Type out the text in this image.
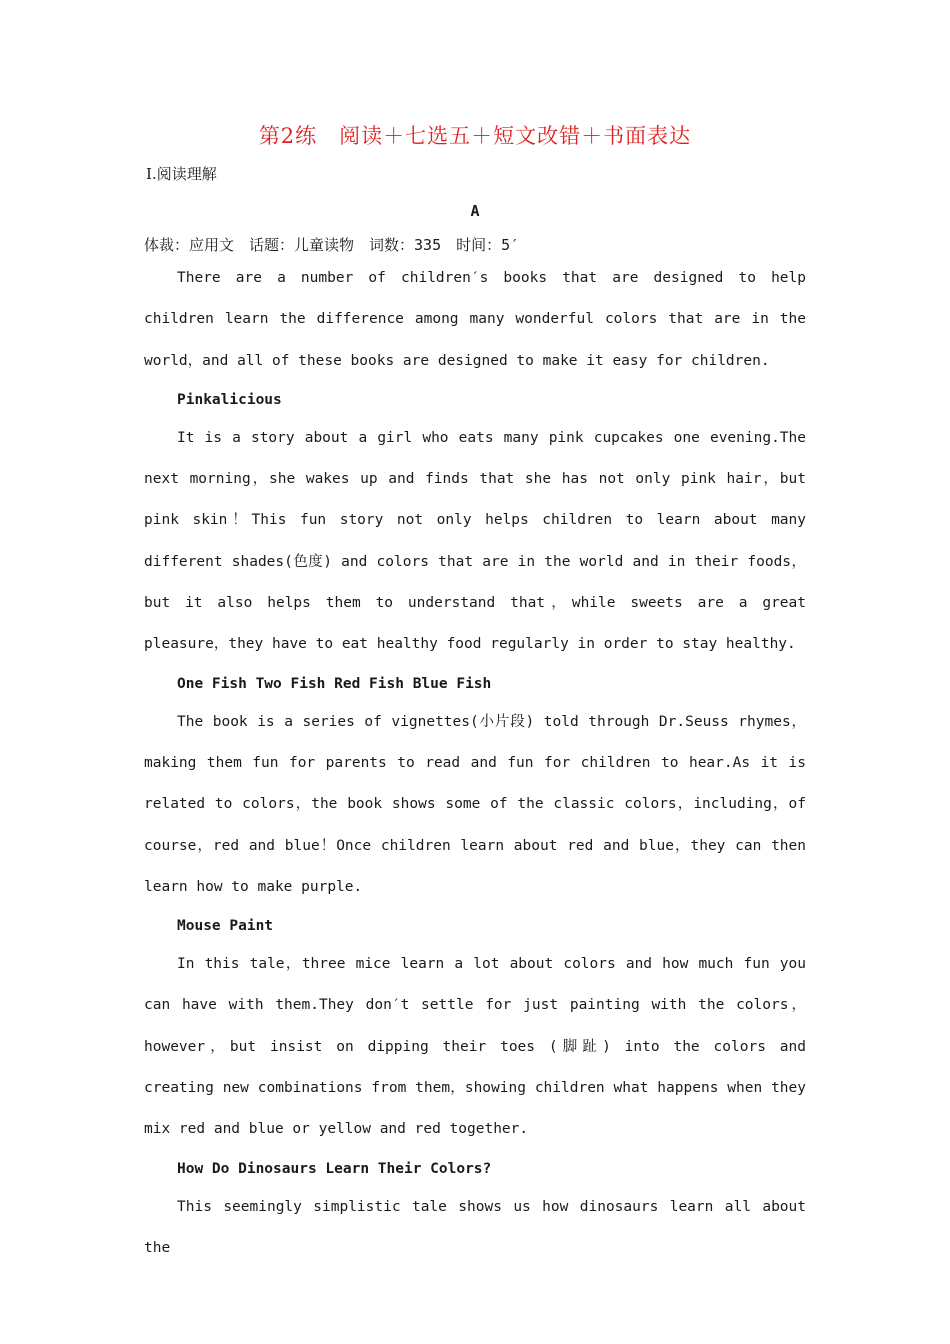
第2练　阅读＋七选五＋短文改错＋书面表达
Ⅰ.阅读理解
A
体裁：应用文　话题：儿童读物　词数：335　时间：5′

There are a number of children′s books that are designed to help children learn the difference among many wonderful colors that are in the world，and all of these books are designed to make it easy for children.

Pinkalicious

It is a story about a girl who eats many pink cupcakes one evening.The next morning，she wakes up and finds that she has not only pink hair，but pink skin！This fun story not only helps children to learn about many different shades(色度) and colors that are in the world and in their foods，but it also helps them to understand that，while sweets are a great pleasure，they have to eat healthy food regularly in order to stay healthy.

One Fish Two Fish Red Fish Blue Fish

The book is a series of vignettes(小片段) told through Dr.Seuss rhymes，making them fun for parents to read and fun for children to hear.As it is related to colors，the book shows some of the classic colors，including，of course，red and blue！Once children learn about red and blue，they can then learn how to make purple.

Mouse Paint

In this tale，three mice learn a lot about colors and how much fun you can have with them.They don′t settle for just painting with the colors，however，but insist on dipping their toes (脚趾) into the colors and creating new combinations from them，showing children what happens when they mix red and blue or yellow and red together.

How Do Dinosaurs Learn Their Colors?

This seemingly simplistic tale shows us how dinosaurs learn all about the
